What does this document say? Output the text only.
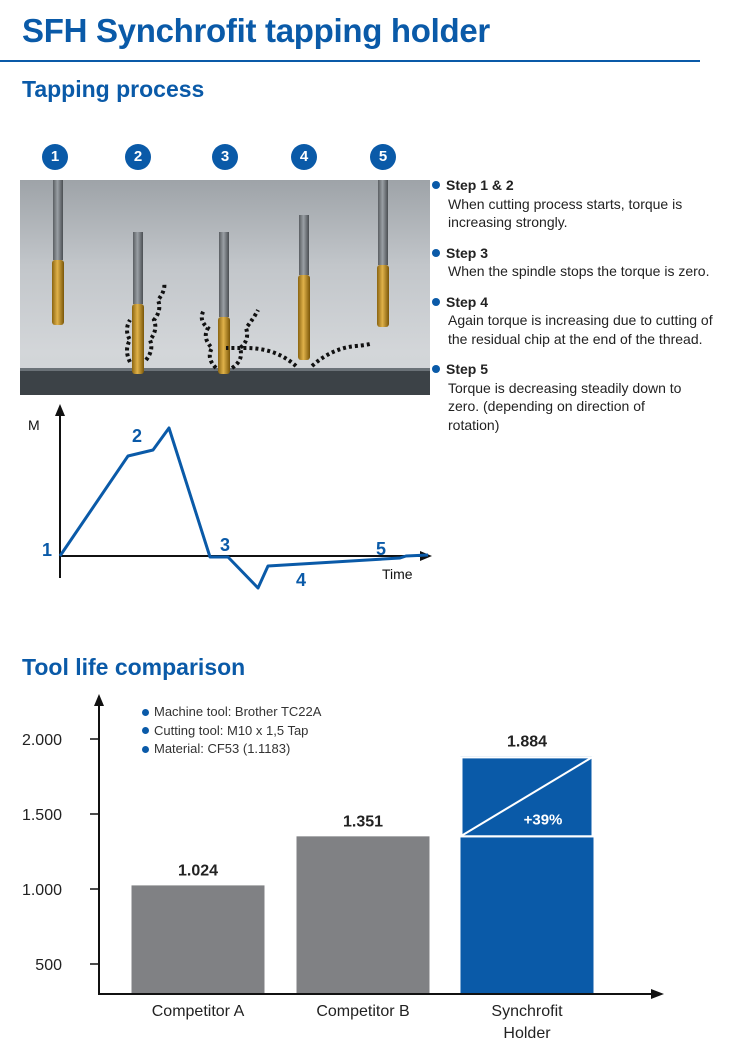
SFH Synchrofit tapping holder
Tapping process
1	2	3	4	5
Step 1 & 2
When cutting process starts, torque is increasing strongly.
Step 3
When the spindle stops the torque is zero.
Step 4
Again torque is increasing due to cutting of the residual chip at the end of the thread.
Step 5
Torque is decreasing steadily down to zero. (depending on direction of rotation)
M
Time
1
2
3
4
5
Tool life comparison
1.024
1.351
1.884
+39%
500
1.000
1.500
2.000
Competitor A	Competitor B	Synchrofit
Holder
Machine tool: Brother TC22A
Cutting tool: M10 x 1,5 Tap
Material: CF53 (1.1183)
